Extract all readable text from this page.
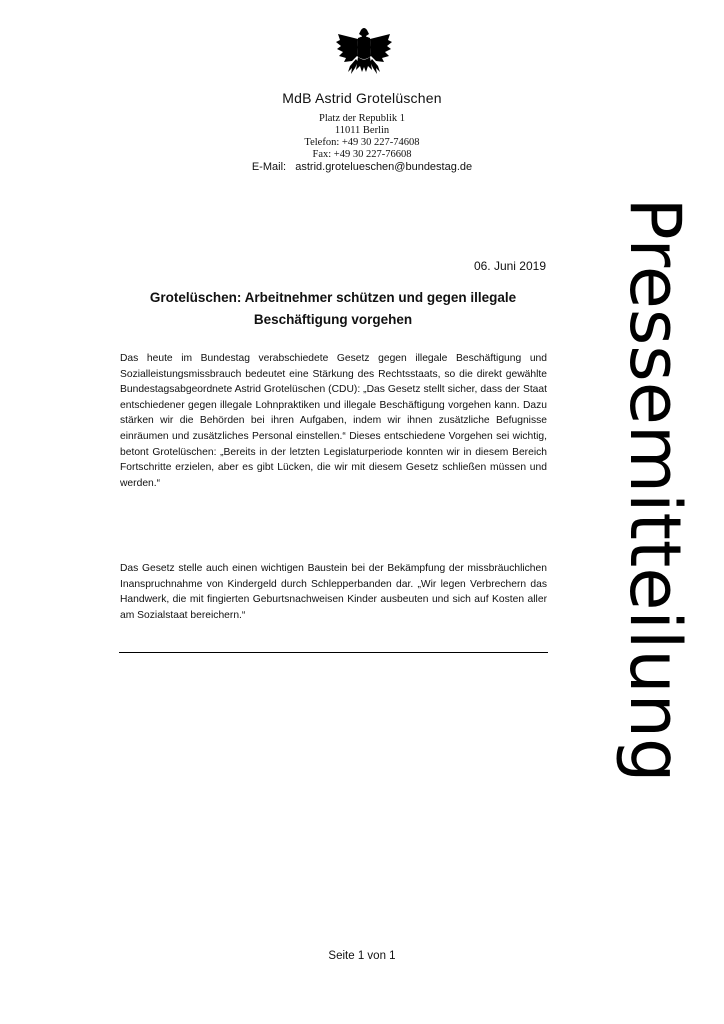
MdB Astrid Grotelüschen
Platz der Republik 1
11011 Berlin
Telefon: +49 30 227-74608
Fax: +49 30 227-76608
E-Mail:   astrid.grotelueschen@bundestag.de
Pressemitteilung
06. Juni 2019
Grotelüschen: Arbeitnehmer schützen und gegen illegale Beschäftigung vorgehen
Das heute im Bundestag verabschiedete Gesetz gegen illegale Beschäftigung und Sozialleistungsmissbrauch bedeutet eine Stärkung des Rechtsstaats, so die direkt gewählte Bundestagsabgeordnete Astrid Grotelüschen (CDU): „Das Gesetz stellt sicher, dass der Staat entschiedener gegen illegale Lohnpraktiken und illegale Beschäftigung vorgehen kann. Dazu stärken wir die Behörden bei ihren Aufgaben, indem wir ihnen zusätzliche Befugnisse einräumen und zusätzliches Personal einstellen.“ Dieses entschiedene Vorgehen sei wichtig, betont Grotelüschen: „Bereits in der letzten Legislaturperiode konnten wir in diesem Bereich Fortschritte erzielen, aber es gibt Lücken, die wir mit diesem Gesetz schließen müssen und werden.“
Das Gesetz stelle auch einen wichtigen Baustein bei der Bekämpfung der missbräuchlichen Inanspruchnahme von Kindergeld durch Schlepperbanden dar. „Wir legen Verbrechern das Handwerk, die mit fingierten Geburtsnachweisen Kinder ausbeuten und sich auf Kosten aller am Sozialstaat bereichern.“
Seite 1 von 1
